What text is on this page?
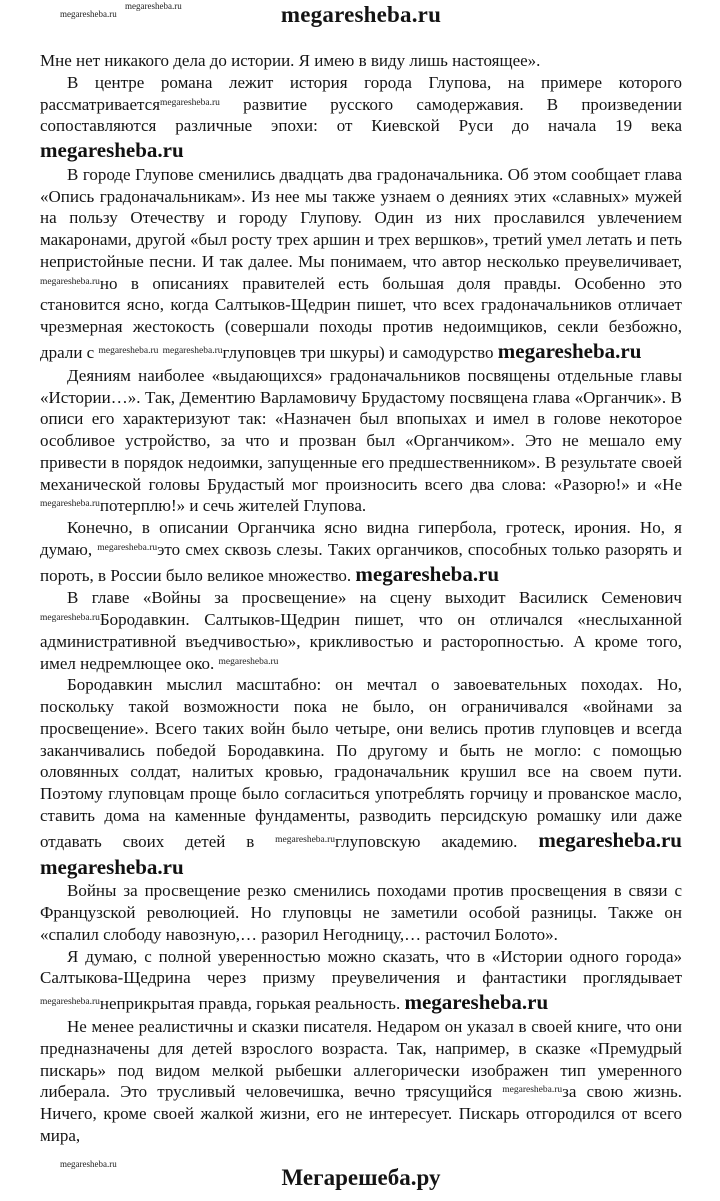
megaresheba.ru
megaresheba.ru	megaresheba.ru

Мне нет никакого дела до истории. Я имею в виду лишь настоящее».

В центре романа лежит история города Глупова, на примере которого рассматривается$^{megaresheba.ru}$ развитие русского самодержавия. В произведении сопоставляются различные эпохи: от Киевской Руси до начала 19 века megaresheba.ru

В городе Глупове сменились двадцать два градоначальника. Об этом сообщает глава «Опись градоначальникам». Из нее мы также узнаем о деяниях этих «славных» мужей на пользу Отечеству и городу Глупову. Один из них прославился увлечением макаронами, другой «был росту трех аршин и трех вершков», третий умел летать и петь непристойные песни. И так далее. Мы понимаем, что автор несколько преувеличивает, $^{megaresheba.ru}$но в описаниях правителей есть большая доля правды. Особенно это становится ясно, когда Салтыков-Щедрин пишет, что всех градоначальников отличает чрезмерная жестокость (совершали походы против недоимщиков, секли безбожно, драли с $^{megaresheba.ru}$ $^{megaresheba.ru}$глуповцев три шкуры) и самодурство megaresheba.ru

Деяниям наиболее «выдающихся» градоначальников посвящены отдельные главы «Истории…». Так, Дементию Варламовичу Брудастому посвящена глава «Органчик». В описи его характеризуют так: «Назначен был впопыхах и имел в голове некоторое особливое устройство, за что и прозван был «Органчиком». Это не мешало ему привести в порядок недоимки, запущенные его предшественником». В результате своей механической головы Брудастый мог произносить всего два слова: «Разорю!» и «Не $^{megaresheba.ru}$потерплю!» и сечь жителей Глупова.

Конечно, в описании Органчика ясно видна гипербола, гротеск, ирония. Но, я думаю, $^{megaresheba.ru}$это смех сквозь слезы. Таких органчиков, способных только разорять и пороть, в России было великое множество. megaresheba.ru

В главе «Войны за просвещение» на сцену выходит Василиск Семенович $^{megaresheba.ru}$Бородавкин. Салтыков-Щедрин пишет, что он отличался «неслыханной административной въедчивостью», крикливостью и расторопностью. А кроме того, имел недремлющее око. $^{megaresheba.ru}$

Бородавкин мыслил масштабно: он мечтал о завоевательных походах. Но, поскольку такой возможности пока не было, он ограничивался «войнами за просвещение». Всего таких войн было четыре, они велись против глуповцев и всегда заканчивались победой Бородавкина. По другому и быть не могло: с помощью оловянных солдат, налитых кровью, градоначальник крушил все на своем пути. Поэтому глуповцам проще было согласиться употреблять горчицу и прованское масло, ставить дома на каменные фундаменты, разводить персидскую ромашку или даже отдавать своих детей в $^{megaresheba.ru}$глуповскую академию. megaresheba.ru megaresheba.ru

Войны за просвещение резко сменились походами против просвещения в связи с Французской революцией. Но глуповцы не заметили особой разницы. Также он «спалил слободу навозную,… разорил Негодницу,… расточил Болото».

Я думаю, с полной уверенностью можно сказать, что в «Истории одного города» Салтыкова-Щедрина через призму преувеличения и фантастики проглядывает $^{megaresheba.ru}$неприкрытая правда, горькая реальность. megaresheba.ru

Не менее реалистичны и сказки писателя. Недаром он указал в своей книге, что они предназначены для детей взрослого возраста. Так, например, в сказке «Премудрый пискарь» под видом мелкой рыбешки аллегорически изображен тип умеренного либерала. Это трусливый человечишка, вечно трясущийся $^{megaresheba.ru}$за свою жизнь. Ничего, кроме своей жалкой жизни, его не интересует. Пискарь отгородился от всего мира,

megaresheba.ru
Мегарешеба.ру
